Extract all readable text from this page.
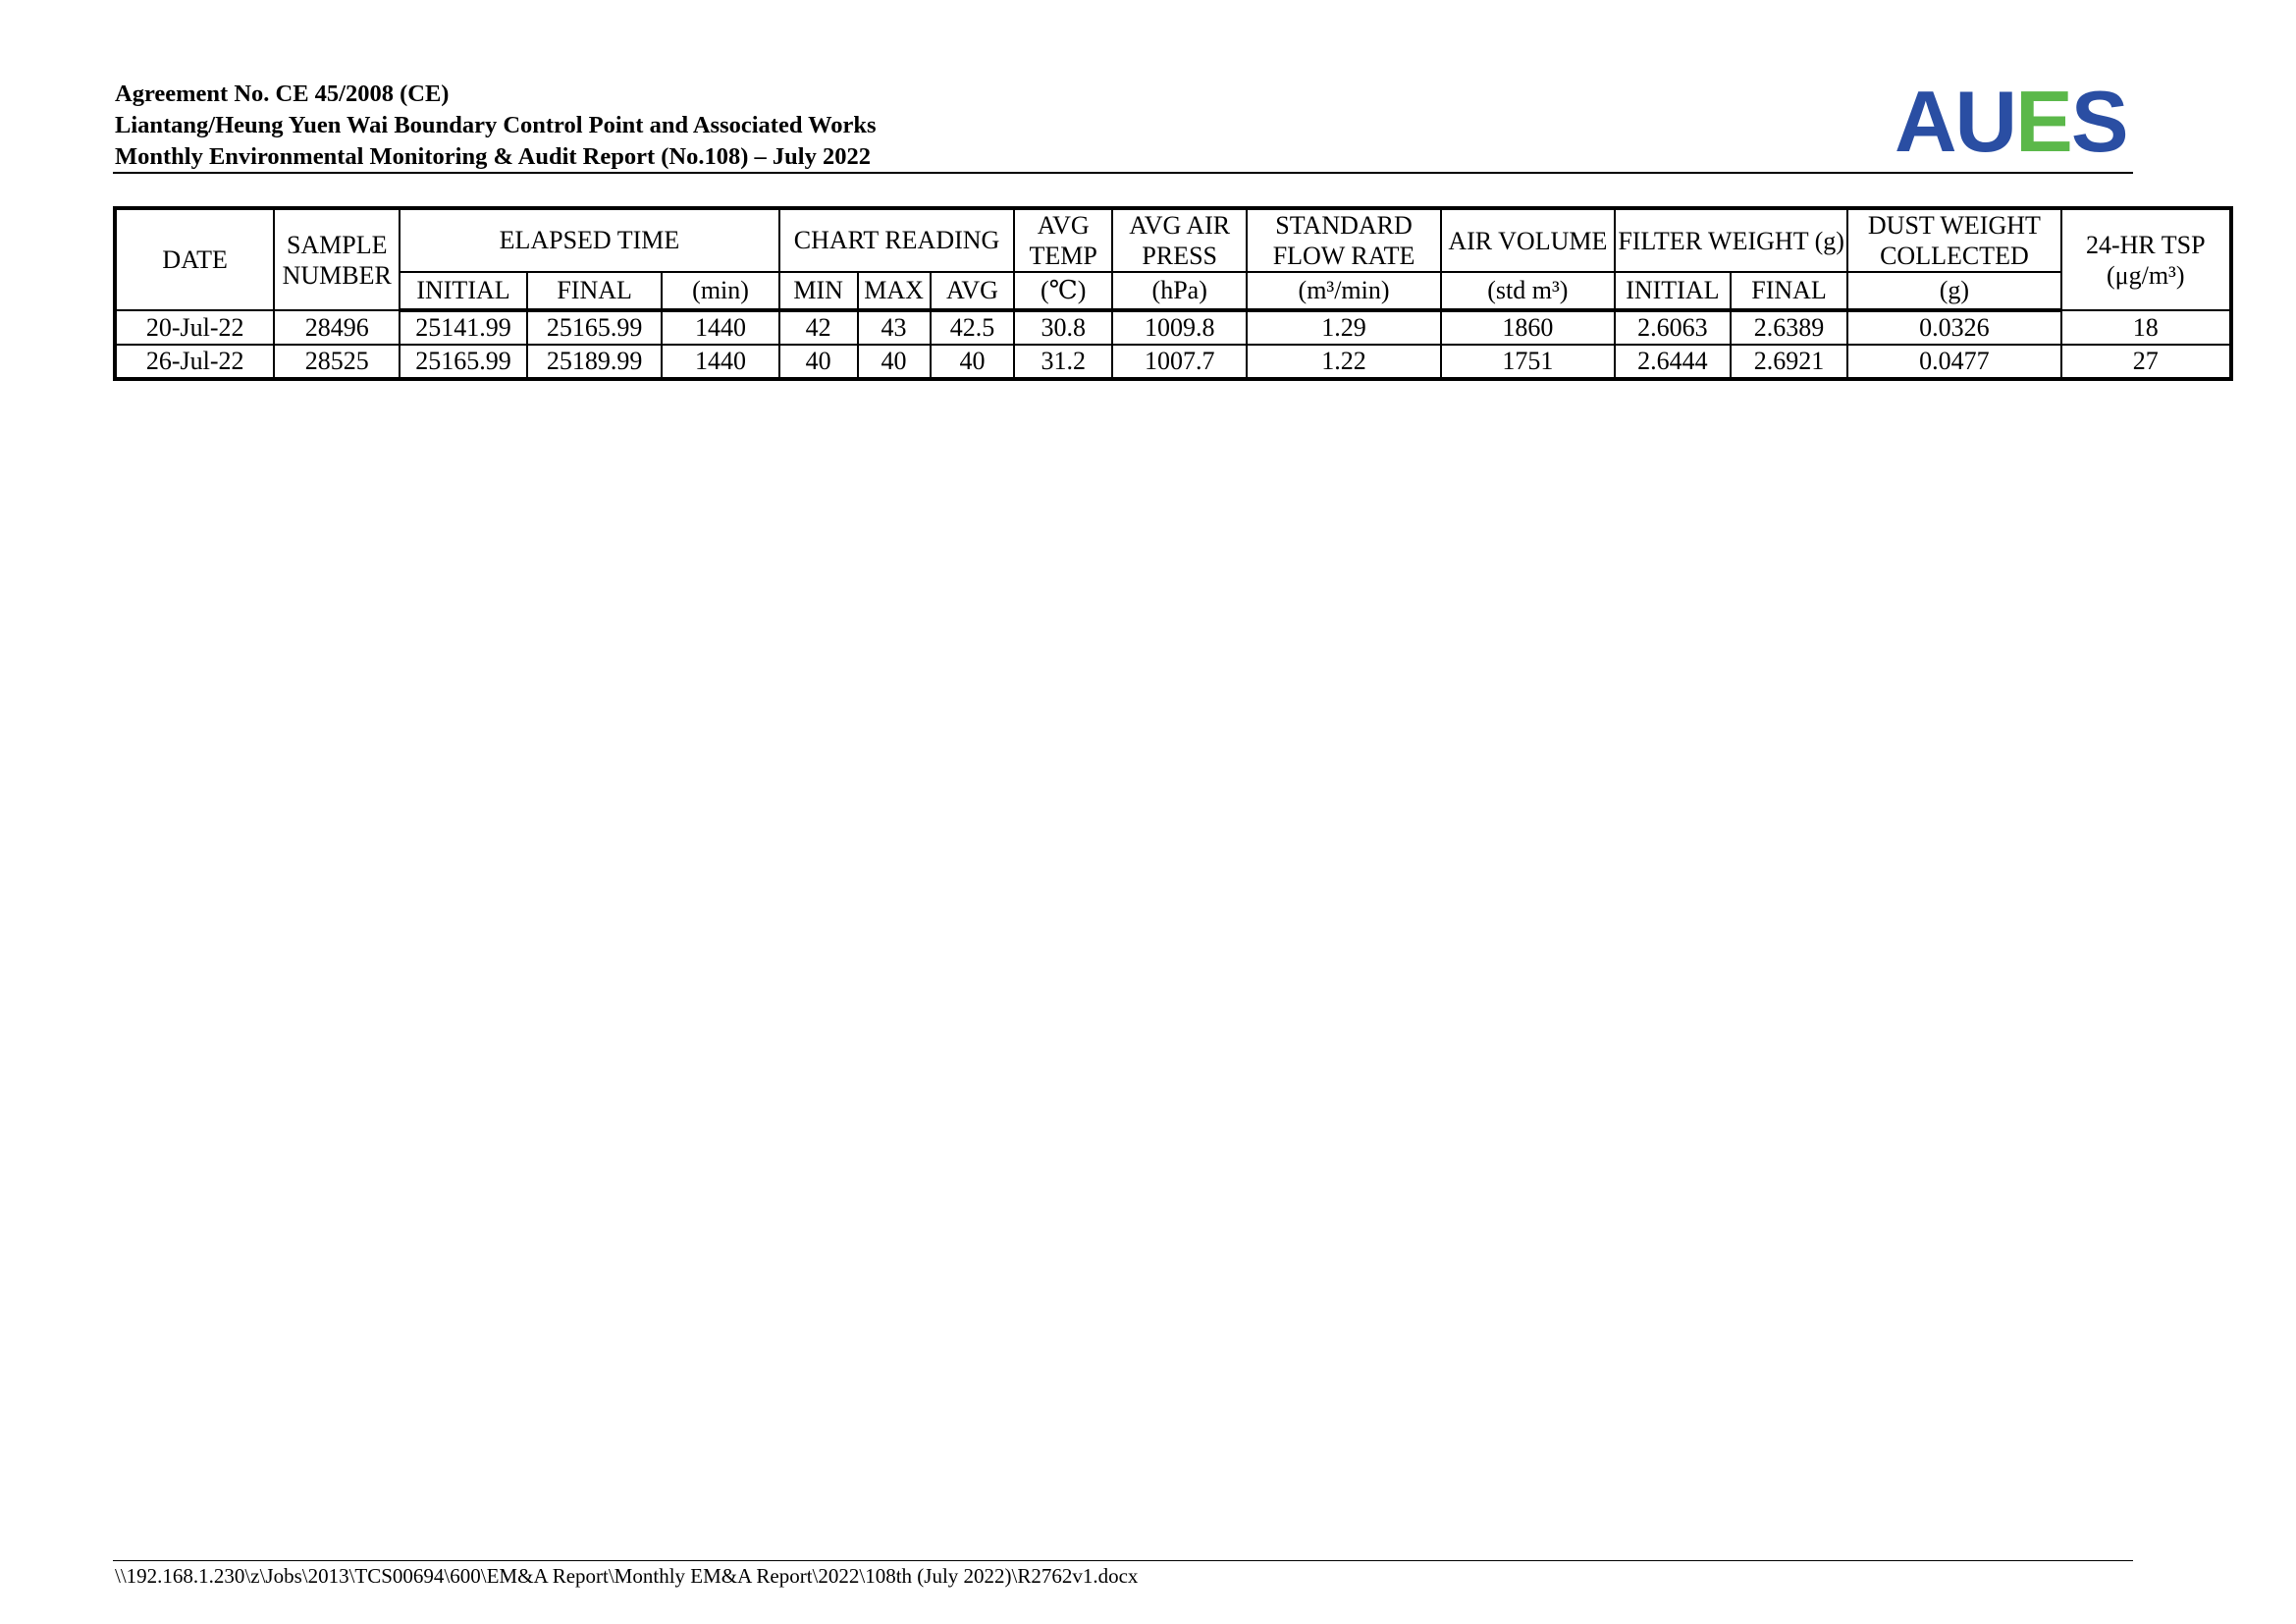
Agreement No. CE 45/2008 (CE)
Liantang/Heung Yuen Wai Boundary Control Point and Associated Works
Monthly Environmental Monitoring & Audit Report (No.108) – July 2022	AUES
DATE	SAMPLE NUMBER	ELAPSED TIME			CHART READING			AVG TEMP	AVG AIR PRESS	STANDARD FLOW RATE	AIR VOLUME	FILTER WEIGHT (g)		DUST WEIGHT COLLECTED	24-HR TSP (μg/m³)
		INITIAL	FINAL	(min)	MIN	MAX	AVG	(℃)	(hPa)	(m³/min)	(std m³)	INITIAL	FINAL	(g)	
20-Jul-22	28496	25141.99	25165.99	1440	42	43	42.5	30.8	1009.8	1.29	1860	2.6063	2.6389	0.0326	18
26-Jul-22	28525	25165.99	25189.99	1440	40	40	40	31.2	1007.7	1.22	1751	2.6444	2.6921	0.0477	27
\\192.168.1.230\z\Jobs\2013\TCS00694\600\EM&A Report\Monthly EM&A Report\2022\108th (July 2022)\R2762v1.docx
